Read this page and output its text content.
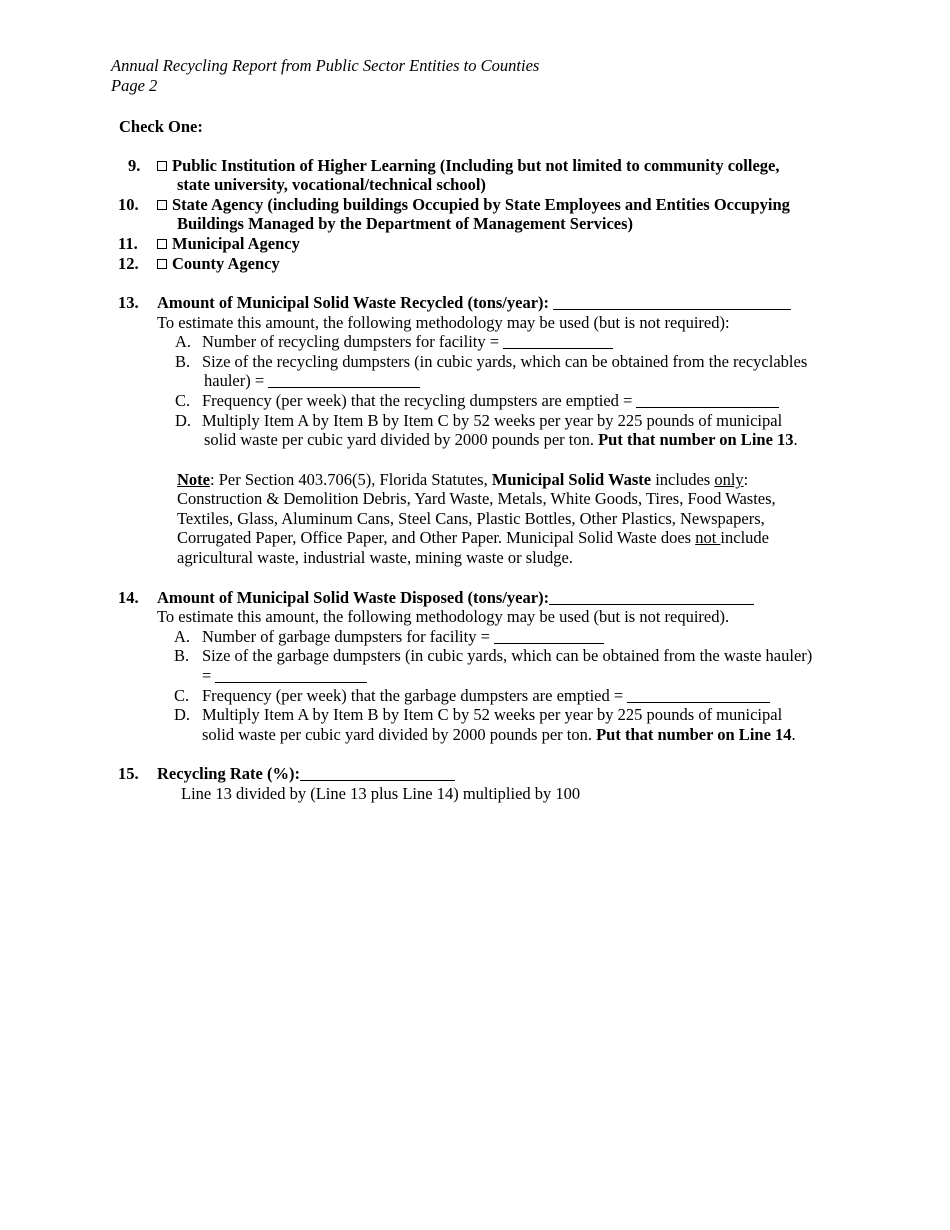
Annual Recycling Report from Public Sector Entities to Counties
Page 2
Check One:
9.	Public Institution of Higher Learning (Including but not limited to community college,
state university, vocational/technical school)
10.	State Agency (including buildings Occupied by State Employees and Entities Occupying
Buildings Managed by the Department of Management Services)
11.	Municipal Agency
12.	County Agency
13. Amount of Municipal Solid Waste Recycled (tons/year):
To estimate this amount, the following methodology may be used (but is not required):
A. Number of recycling dumpsters for facility =
B. Size of the recycling dumpsters (in cubic yards, which can be obtained from the recyclables
hauler) =
C. Frequency (per week) that the recycling dumpsters are emptied =
D. Multiply Item A by Item B by Item C by 52 weeks per year by 225 pounds of municipal
solid waste per cubic yard divided by 2000 pounds per ton. Put that number on Line 13.
Note: Per Section 403.706(5), Florida Statutes, Municipal Solid Waste includes only:
Construction & Demolition Debris, Yard Waste, Metals, White Goods, Tires, Food Wastes,
Textiles, Glass, Aluminum Cans, Steel Cans, Plastic Bottles, Other Plastics, Newspapers,
Corrugated Paper, Office Paper, and Other Paper. Municipal Solid Waste does not include
agricultural waste, industrial waste, mining waste or sludge.
14. Amount of Municipal Solid Waste Disposed (tons/year):
To estimate this amount, the following methodology may be used (but is not required).
A. Number of garbage dumpsters for facility =
B. Size of the garbage dumpsters (in cubic yards, which can be obtained from the waste hauler)
=
C. Frequency (per week) that the garbage dumpsters are emptied =
D. Multiply Item A by Item B by Item C by 52 weeks per year by 225 pounds of municipal
solid waste per cubic yard divided by 2000 pounds per ton. Put that number on Line 14.
15. Recycling Rate (%):
Line 13 divided by (Line 13 plus Line 14) multiplied by 100
